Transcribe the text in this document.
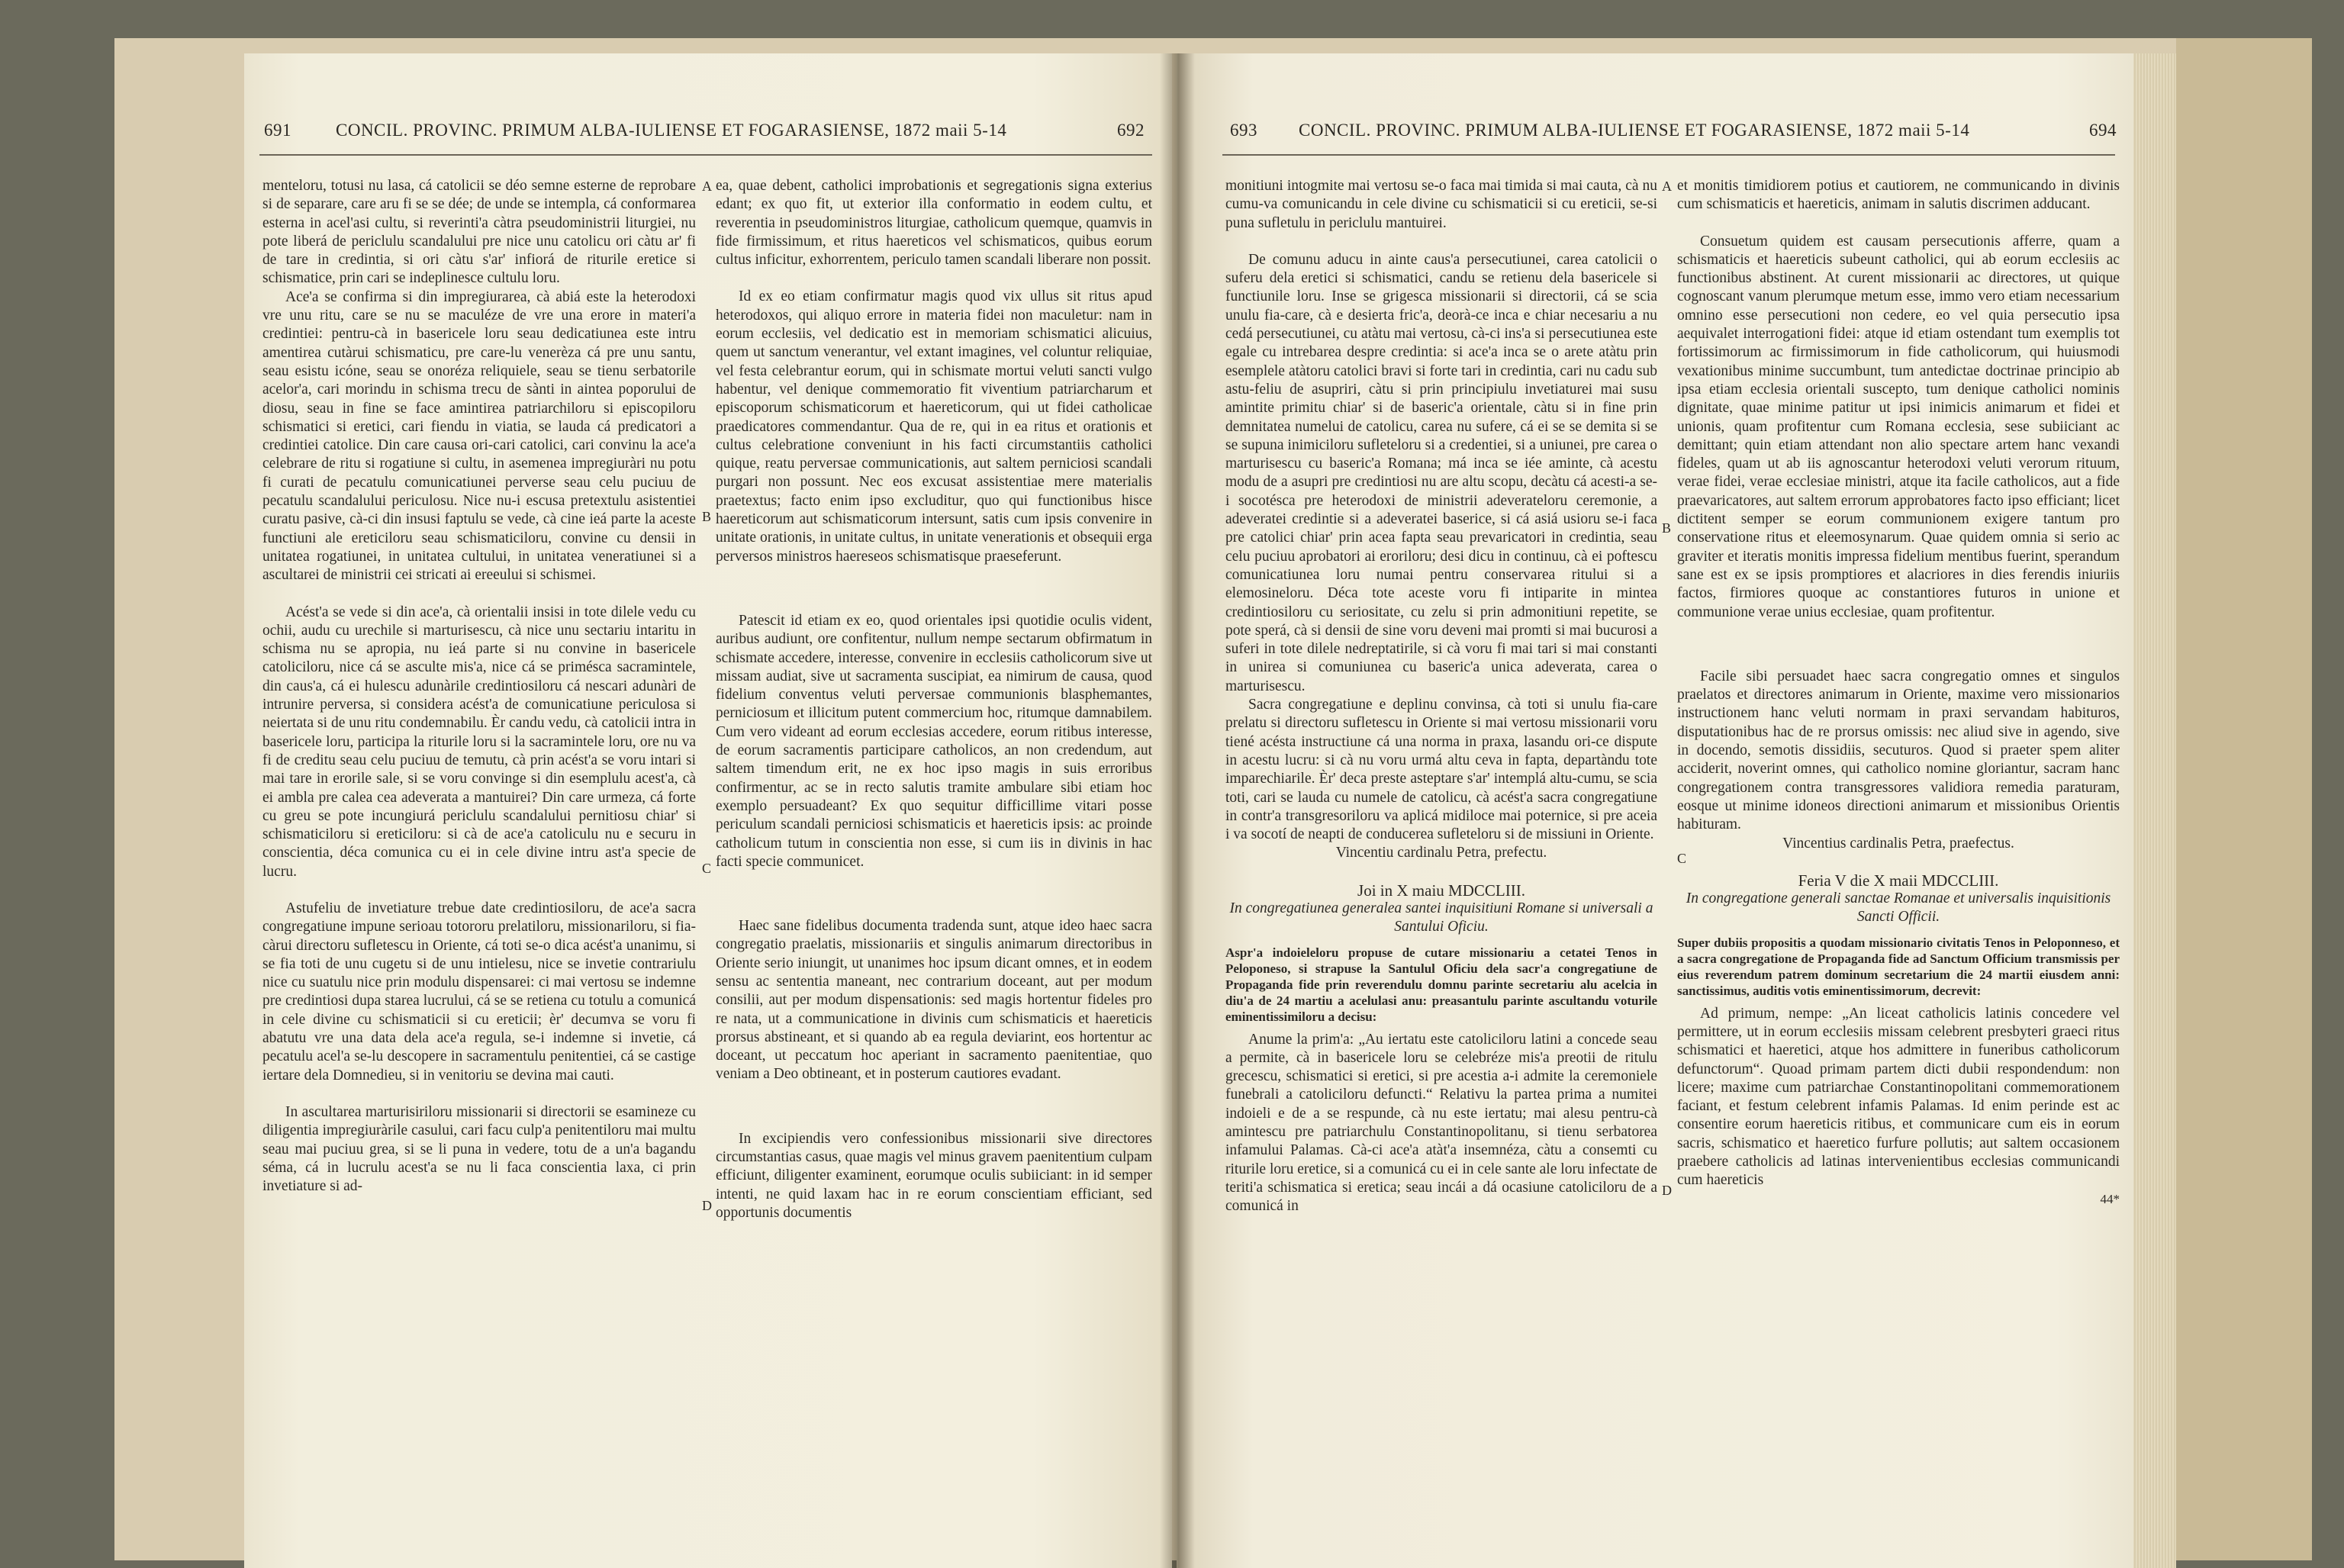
691	CONCIL. PROVINC. PRIMUM ALBA-IULIENSE ET FOGARASIENSE, 1872 maii 5-14	692

menteloru, totusi nu lasa, cá catolicii se déo semne esterne de reprobare si de separare, care aru fi se se dée; de unde se intempla, cá conformarea esterna in acel'asi cultu, si reverinti'a càtra pseudoministrii liturgiei, nu pote liberá de periclulu scandalului pre nice unu catolicu ori càtu ar' fi de tare in credintia, si ori càtu s'ar' infiorá de riturile eretice si schismatice, prin cari se indeplinesce cultulu loru.

Ace'a se confirma si din impregiurarea, cà abiá este la heterodoxi vre unu ritu, care se nu se maculéze de vre una erore in materi'a credintiei: pentru-cà in basericele loru seau dedicatiunea este intru amentirea cutàrui schismaticu, pre care-lu venerèza cá pre unu santu, seau esistu icóne, seau se onoréza reliquiele, seau se tienu serbatorile acelor'a, cari morindu in schisma trecu de sànti in aintea poporului de diosu, seau in fine se face amintirea patriarchiloru si episcopiloru schismatici si eretici, cari fiendu in viatia, se lauda cá predicatori a credintiei catolice. Din care causa ori-cari catolici, cari convinu la ace'a celebrare de ritu si rogatiune si cultu, in asemenea impregiuràri nu potu fi curati de pecatulu comunicatiunei perverse seau celu puciuu de pecatulu scandalului periculosu. Nice nu-i escusa pretextulu asistentiei curatu pasive, cà-ci din insusi faptulu se vede, cà cine ieá parte la aceste functiuni ale ereticiloru seau schismaticiloru, convine cu densii in unitatea rogatiunei, in unitatea cultului, in unitatea veneratiunei si a ascultarei de ministrii cei stricati ai ereeului si schismei.

Acést'a se vede si din ace'a, cà orientalii insisi in tote dilele vedu cu ochii, audu cu urechile si marturisescu, cà nice unu sectariu intaritu in schisma nu se apropia, nu ieá parte si nu convine in basericele catoliciloru, nice cá se asculte mis'a, nice cá se primésca sacramintele, din caus'a, cá ei hulescu adunàrile credintiosiloru cá nescari adunàri de intrunire perversa, si considera acést'a de comunicatiune periculosa si neiertata si de unu ritu condemnabilu. Èr candu vedu, cà catolicii intra in basericele loru, participa la riturile loru si la sacramintele loru, ore nu va fi de creditu seau celu puciuu de temutu, cà prin acést'a se voru intari si mai tare in erorile sale, si se voru convinge si din esemplulu acest'a, cà ei ambla pre calea cea adeverata a mantuirei? Din care urmeza, cá forte cu greu se pote incungiurá periclulu scandalului pernitiosu chiar' si schismaticiloru si ereticiloru: si cà de ace'a catoliculu nu e securu in conscientia, déca comunica cu ei in cele divine intru ast'a specie de lucru.

Astufeliu de invetiature trebue date credintiosiloru, de ace'a sacra congregatiune impune serioau totororu prelatiloru, missionariloru, si fia-càrui directoru sufletescu in Oriente, cá toti se-o dica acést'a unanimu, si se fia toti de unu cugetu si de unu intielesu, nice se invetie contrariulu nice cu suatulu nice prin modulu dispensarei: ci mai vertosu se indemne pre credintiosi dupa starea lucrului, cá se se retiena cu totulu a comunicá in cele divine cu schismaticii si cu ereticii; èr' decumva se voru fi abatutu vre una data dela ace'a regula, se-i indemne si invetie, cá pecatulu acel'a se-lu descopere in sacramentulu penitentiei, cá se castige iertare dela Domnedieu, si in venitoriu se devina mai cauti.

In ascultarea marturisiriloru missionarii si directorii se esamineze cu diligentia impregiuràrile casului, cari facu culp'a penitentiloru mai multu seau mai puciuu grea, si se li puna in vedere, totu de a un'a bagandu séma, cá in lucrulu acest'a se nu li faca conscientia laxa, ci prin invetiature si ad-

ea, quae debent, catholici improbationis et segregationis signa exterius edant; ex quo fit, ut exterior illa conformatio in eodem cultu, et reverentia in pseudoministros liturgiae, catholicum quemque, quamvis in fide firmissimum, et ritus haereticos vel schismaticos, quibus eorum cultus inficitur, exhorrentem, periculo tamen scandali liberare non possit.

Id ex eo etiam confirmatur magis quod vix ullus sit ritus apud heterodoxos, qui aliquo errore in materia fidei non maculetur: nam in eorum ecclesiis, vel dedicatio est in memoriam schismatici alicuius, quem ut sanctum venerantur, vel extant imagines, vel coluntur reliquiae, vel festa celebrantur eorum, qui in schismate mortui veluti sancti vulgo habentur, vel denique commemoratio fit viventium patriarcharum et episcoporum schismaticorum et haereticorum, qui ut fidei catholicae praedicatores commendantur. Qua de re, qui in ea ritus et orationis et cultus celebratione conveniunt in his facti circumstantiis catholici quique, reatu perversae communicationis, aut saltem perniciosi scandali purgari non possunt. Nec eos excusat assistentiae mere materialis praetextus; facto enim ipso excluditur, quo qui functionibus hisce haereticorum aut schismaticorum intersunt, satis cum ipsis convenire in unitate orationis, in unitate cultus, in unitate venerationis et obsequii erga perversos ministros haereseos schismatisque praeseferunt.

Patescit id etiam ex eo, quod orientales ipsi quotidie oculis vident, auribus audiunt, ore confitentur, nullum nempe sectarum obfirmatum in schismate accedere, interesse, convenire in ecclesiis catholicorum sive ut missam audiat, sive ut sacramenta suscipiat, ea nimirum de causa, quod fidelium conventus veluti perversae communionis blasphemantes, perniciosum et illicitum putent commercium hoc, ritumque damnabilem. Cum vero videant ad eorum ecclesias accedere, eorum ritibus interesse, de eorum sacramentis participare catholicos, an non credendum, aut saltem timendum erit, ne ex hoc ipso magis in suis erroribus confirmentur, ac se in recto salutis tramite ambulare sibi etiam hoc exemplo persuadeant? Ex quo sequitur difficillime vitari posse periculum scandali perniciosi schismaticis et haereticis ipsis: ac proinde catholicum tutum in conscientia non esse, si cum iis in divinis in hac facti specie communicet.

Haec sane fidelibus documenta tradenda sunt, atque ideo haec sacra congregatio praelatis, missionariis et singulis animarum directoribus in Oriente serio iniungit, ut unanimes hoc ipsum dicant omnes, et in eodem sensu ac sententia maneant, nec contrarium doceant, aut per modum consilii, aut per modum dispensationis: sed magis hortentur fideles pro re nata, ut a communicatione in divinis cum schismaticis et haereticis prorsus abstineant, et si quando ab ea regula deviarint, eos hortentur ac doceant, ut peccatum hoc aperiant in sacramento paenitentiae, quo veniam a Deo obtineant, et in posterum cautiores evadant.

In excipiendis vero confessionibus missionarii sive directores circumstantias casus, quae magis vel minus gravem paenitentium culpam efficiunt, diligenter examinent, eorumque oculis subiiciant: in id semper intenti, ne quid laxam hac in re eorum conscientiam efficiant, sed opportunis documentis

A
B
C
D
693 CONCIL. PROVINC. PRIMUM ALBA-IULIENSE ET FOGARASIENSE, 1872 maii 5-14	694

monitiuni intogmite mai vertosu se-o faca mai timida si mai cauta, cà nu cumu-va comunicandu in cele divine cu schismaticii si cu ereticii, se-si puna sufletulu in periclulu mantuirei.

De comunu aducu in ainte caus'a persecutiunei, carea catolicii o suferu dela eretici si schismatici, candu se retienu dela basericele si functiunile loru. Inse se grigesca missionarii si directorii, cá se scia unulu fia-care, cà e desierta fric'a, deorà-ce inca e chiar necesariu a nu cedá persecutiunei, cu atàtu mai vertosu, cà-ci ins'a si persecutiunea este egale cu intrebarea despre credintia: si ace'a inca se o arete atàtu prin esemplele atàtoru catolici bravi si forte tari in credintia, cari nu cadu sub astu-feliu de asupriri, càtu si prin principiulu invetiaturei mai susu amintite primitu chiar' si de baseric'a orientale, càtu si in fine prin demnitatea numelui de catolicu, carea nu sufere, cá ei se se demita si se se supuna inimiciloru sufleteloru si a credentiei, si a uniunei, pre carea o marturisescu cu baseric'a Romana; má inca se iée aminte, cà acestu modu de a asupri pre credintiosi nu are altu scopu, decàtu cá acesti-a se-i socotésca pre heterodoxi de ministrii adeverateloru ceremonie, a adeveratei credintie si a adeveratei baserice, si cá asiá usioru se-i faca pre catolici chiar' prin acea fapta seau prevaricatori in credintia, seau celu puciuu aprobatori ai eroriloru; desi dicu in continuu, cà ei poftescu comunicatiunea loru numai pentru conservarea ritului si a elemosineloru. Déca tote aceste voru fi intiparite in mintea credintiosiloru cu seriositate, cu zelu si prin admonitiuni repetite, se pote sperá, cà si densii de sine voru deveni mai promti si mai bucurosi a suferi in tote dilele nedreptatirile, si cà voru fi mai tari si mai constanti in unirea si comuniunea cu baseric'a unica adeverata, carea o marturisescu.

Sacra congregatiune e deplinu convinsa, cà toti si unulu fia-care prelatu si directoru sufletescu in Oriente si mai vertosu missionarii voru tiené acésta instructiune cá una norma in praxa, lasandu ori-ce dispute in acestu lucru: si cà nu voru urmá altu ceva in fapta, departàndu tote imparechiarile. Èr' deca preste asteptare s'ar' intemplá altu-cumu, se scia toti, cari se lauda cu numele de catolicu, cà acést'a sacra congregatiune in contr'a transgresoriloru va aplicá midiloce mai poternice, si pre aceia i va socotí de neapti de conducerea sufleteloru si de missiuni in Oriente.

Vincentiu cardinalu Petra, prefectu.

Joi in X maiu MDCCLIII.

In congregatiunea generalea santei inquisitiuni Romane si universali a Santului Oficiu.

Aspr'a indoieleloru propuse de cutare missionariu a cetatei Tenos in Peloponeso, si strapuse la Santulul Oficiu dela sacr'a congregatiune de Propaganda fide prin reverendulu domnu parinte secretariu alu acelcia in diu'a de 24 martiu a acelulasi anu: preasantulu parinte ascultandu voturile eminentissimiloru a decisu:

Anume la prim'a: „Au iertatu este catoliciloru latini a concede seau a permite, cà in basericele loru se celebréze mis'a preotii de ritulu grecescu, schismatici si eretici, si pre acestia a-i admite la ceremoniele funebrali a catoliciloru defuncti.“ Relativu la partea prima a numitei indoieli e de a se respunde, cà nu este iertatu; mai alesu pentru-cà amintescu pre patriarchulu Constantinopolitanu, si tienu serbatorea infamului Palamas. Cà-ci ace'a atàt'a insemnéza, càtu a consemti cu riturile loru eretice, si a comunicá cu ei in cele sante ale loru infectate de teriti'a schismatica si eretica; seau incái a dá ocasiune catoliciloru de a comunicá in

et monitis timidiorem potius et cautiorem, ne communicando in divinis cum schismaticis et haereticis, animam in salutis discrimen adducant.

Consuetum quidem est causam persecutionis afferre, quam a schismaticis et haereticis subeunt catholici, qui ab eorum ecclesiis ac functionibus abstinent. At curent missionarii ac directores, ut quique cognoscant vanum plerumque metum esse, immo vero etiam necessarium omnino esse persecutioni non cedere, eo vel quia persecutio ipsa aequivalet interrogationi fidei: atque id etiam ostendant tum exemplis tot fortissimorum ac firmissimorum in fide catholicorum, qui huiusmodi vexationibus minime succumbunt, tum antedictae doctrinae principio ab ipsa etiam ecclesia orientali suscepto, tum denique catholici nominis dignitate, quae minime patitur ut ipsi inimicis animarum et fidei et unionis, quam profitentur cum Romana ecclesia, sese subiiciant ac demittant; quin etiam attendant non alio spectare artem hanc vexandi fideles, quam ut ab iis agnoscantur heterodoxi veluti verorum rituum, verae fidei, verae ecclesiae ministri, atque ita facile catholicos, aut a fide praevaricatores, aut saltem errorum approbatores facto ipso efficiant; licet dictitent semper se eorum communionem exigere tantum pro conservatione ritus et eleemosynarum. Quae quidem omnia si serio ac graviter et iteratis monitis impressa fidelium mentibus fuerint, sperandum sane est ex se ipsis promptiores et alacriores in dies ferendis iniuriis factos, firmiores quoque ac constantiores futuros in unione et communione verae unius ecclesiae, quam profitentur.

Facile sibi persuadet haec sacra congregatio omnes et singulos praelatos et directores animarum in Oriente, maxime vero missionarios instructionem hanc veluti normam in praxi servandam habituros, disputationibus hac de re prorsus omissis: nec aliud sive in agendo, sive in docendo, semotis dissidiis, secuturos. Quod si praeter spem aliter acciderit, noverint omnes, qui catholico nomine gloriantur, sacram hanc congregationem contra transgressores validiora remedia paraturam, eosque ut minime idoneos directioni animarum et missionibus Orientis habituram.

Vincentius cardinalis Petra, praefectus.

Feria V die X maii MDCCLIII.

In congregatione generali sanctae Romanae et universalis inquisitionis Sancti Officii.

Super dubiis propositis a quodam missionario civitatis Tenos in Peloponneso, et a sacra congregatione de Propaganda fide ad Sanctum Officium transmissis per eius reverendum patrem dominum secretarium die 24 martii eiusdem anni: sanctissimus, auditis votis eminentissimorum, decrevit:

Ad primum, nempe: „An liceat catholicis latinis concedere vel permittere, ut in eorum ecclesiis missam celebrent presbyteri graeci ritus schismatici et haeretici, atque hos admittere in funeribus catholicorum defunctorum“. Quoad primam partem dicti dubii respondendum: non licere; maxime cum patriarchae Constantinopolitani commemorationem faciant, et festum celebrent infamis Palamas. Id enim perinde est ac consentire eorum haereticis ritibus, et communicare cum eis in eorum sacris, schismatico et haeretico furfure pollutis; aut saltem occasionem praebere catholicis ad latinas intervenientibus ecclesias communicandi cum haereticis

44*

A
B
C
D
